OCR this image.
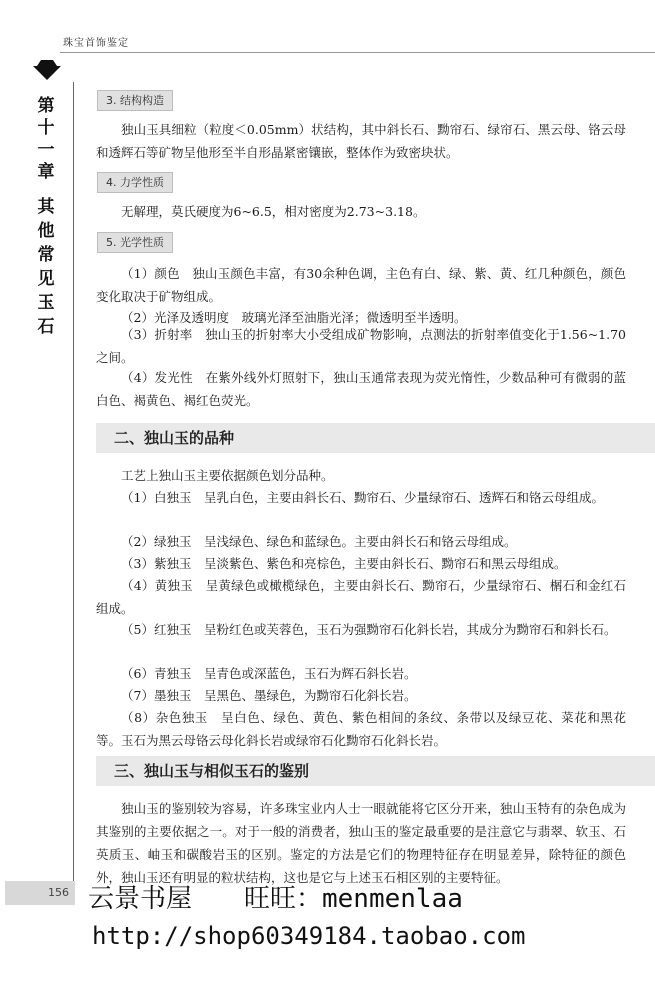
珠宝首饰鉴定
第十一章
其他常见玉石
3. 结构构造

独山玉具细粒（粒度＜0.05mm）状结构，其中斜长石、黝帘石、绿帘石、黑云母、铬云母和透辉石等矿物呈他形至半自形晶紧密镶嵌，整体作为致密块状。

4. 力学性质

无解理，莫氏硬度为6~6.5，相对密度为2.73~3.18。

5. 光学性质

（1）颜色　独山玉颜色丰富，有30余种色调，主色有白、绿、紫、黄、红几种颜色，颜色变化取决于矿物组成。

（2）光泽及透明度　玻璃光泽至油脂光泽；微透明至半透明。

（3）折射率　独山玉的折射率大小受组成矿物影响，点测法的折射率值变化于1.56~1.70之间。

（4）发光性　在紫外线外灯照射下，独山玉通常表现为荧光惰性，少数品种可有微弱的蓝白色、褐黄色、褐红色荧光。

二、独山玉的品种

工艺上独山玉主要依据颜色划分品种。

（1）白独玉　呈乳白色，主要由斜长石、黝帘石、少量绿帘石、透辉石和铬云母组成。

（2）绿独玉　呈浅绿色、绿色和蓝绿色。主要由斜长石和铬云母组成。

（3）紫独玉　呈淡紫色、紫色和亮棕色，主要由斜长石、黝帘石和黑云母组成。

（4）黄独玉　呈黄绿色或橄榄绿色，主要由斜长石、黝帘石，少量绿帘石、榍石和金红石组成。

（5）红独玉　呈粉红色或芙蓉色，玉石为强黝帘石化斜长岩，其成分为黝帘石和斜长石。

（6）青独玉　呈青色或深蓝色，玉石为辉石斜长岩。

（7）墨独玉　呈黑色、墨绿色，为黝帘石化斜长岩。

（8）杂色独玉　呈白色、绿色、黄色、紫色相间的条纹、条带以及绿豆花、菜花和黑花等。玉石为黑云母铬云母化斜长岩或绿帘石化黝帘石化斜长岩。

三、独山玉与相似玉石的鉴别

独山玉的鉴别较为容易，许多珠宝业内人士一眼就能将它区分开来，独山玉特有的杂色成为其鉴别的主要依据之一。对于一般的消费者，独山玉的鉴定最重要的是注意它与翡翠、软玉、石英质玉、岫玉和碳酸岩玉的区别。鉴定的方法是它们的物理特征存在明显差异，除特征的颜色外，独山玉还有明显的粒状结构，这也是它与上述玉石相区别的主要特征。

156 云景书屋　　旺旺：menmenlaa
http://shop60349184.taobao.com
